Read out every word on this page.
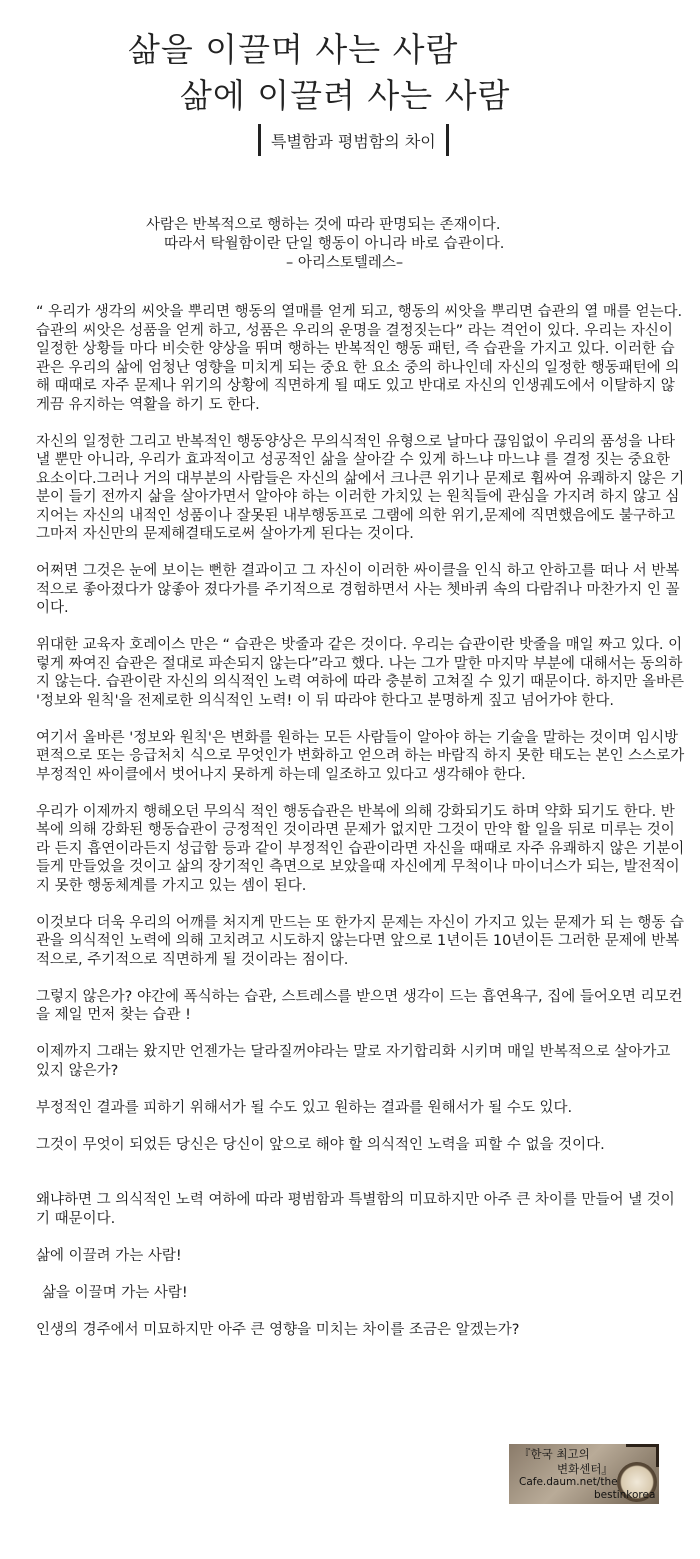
삶을 이끌며 사는 사람
삶에 이끌려 사는 사람
특별함과 평범함의 차이
사람은 반복적으로 행하는 것에 따라 판명되는 존재이다.
따라서 탁월함이란 단일 행동이 아니라 바로 습관이다.
– 아리스토텔레스–

“ 우리가 생각의 씨앗을 뿌리면 행동의 열매를 얻게 되고, 행동의 씨앗을 뿌리면 습관의 열 매를 얻는다. 습관의 씨앗은 성품을 얻게 하고, 성품은 우리의 운명을 결정짓는다” 라는 격언이 있다. 우리는 자신이 일정한 상황들 마다 비슷한 양상을 뛰며 행하는 반복적인 행동 패턴, 즉 습관을 가지고 있다. 이러한 습관은 우리의 삶에 엄청난 영향을 미치게 되는 중요 한 요소 중의 하나인데 자신의 일정한 행동패턴에 의해 때때로 자주 문제나 위기의 상황에 직면하게 될 때도 있고 반대로 자신의 인생궤도에서 이탈하지 않게끔 유지하는 역활을 하기 도 한다.

자신의 일정한 그리고 반복적인 행동양상은 무의식적인 유형으로 날마다 끊임없이 우리의 품성을 나타낼 뿐만 아니라, 우리가 효과적이고 성공적인 삶을 살아갈 수 있게 하느냐 마느냐 를 결정 짓는 중요한 요소이다.그러나 거의 대부분의 사람들은 자신의 삶에서 크나큰 위기나 문제로 휩싸여 유쾌하지 않은 기분이 들기 전까지 삶을 살아가면서 알아야 하는 이러한 가치있 는 원칙들에 관심을 가지려 하지 않고 심지어는 자신의 내적인 성품이나 잘못된 내부행동프로 그램에 의한 위기,문제에 직면했음에도 불구하고 그마저 자신만의 문제해결태도로써 살아가게 된다는 것이다.

어쩌면 그것은 눈에 보이는 뻔한 결과이고 그 자신이 이러한 싸이클을 인식 하고 안하고를 떠나 서 반복적으로 좋아졌다가 않좋아 졌다가를 주기적으로 경험하면서 사는 쳇바퀴 속의 다람쥐나 마찬가지 인 꼴이다.

위대한 교육자 호레이스 만은 “ 습관은 밧줄과 같은 것이다. 우리는 습관이란 밧줄을 매일 짜고 있다. 이렇게 짜여진 습관은 절대로 파손되지 않는다”라고 했다. 나는 그가 말한 마지막 부분에 대해서는 동의하지 않는다. 습관이란 자신의 의식적인 노력 여하에 따라 충분히 고쳐질 수 있기 때문이다. 하지만 올바른 '정보와 원칙'을 전제로한 의식적인 노력! 이 뒤 따라야 한다고 분명하게 짚고 넘어가야 한다.

여기서 올바른 '정보와 원칙'은 변화를 원하는 모든 사람들이 알아야 하는 기술을 말하는 것이며 임시방편적으로 또는 응급처치 식으로 무엇인가 변화하고 얻으려 하는 바람직 하지 못한 태도는 본인 스스로가 부정적인 싸이클에서 벗어나지 못하게 하는데 일조하고 있다고 생각해야 한다.

우리가 이제까지 행해오던 무의식 적인 행동습관은 반복에 의해 강화되기도 하며 약화 되기도 한다. 반복에 의해 강화된 행동습관이 긍정적인 것이라면 문제가 없지만 그것이 만약 할 일을 뒤로 미루는 것이라 든지 흡연이라든지 성급함 등과 같이 부정적인 습관이라면 자신을 때때로 자주 유쾌하지 않은 기분이 들게 만들었을 것이고 삶의 장기적인 측면으로 보았을때 자신에게 무척이나 마이너스가 되는, 발전적이지 못한 행동체계를 가지고 있는 셈이 된다.

이것보다 더욱 우리의 어깨를 처지게 만드는 또 한가지 문제는 자신이 가지고 있는 문제가 되 는 행동 습관을 의식적인 노력에 의해 고치려고 시도하지 않는다면 앞으로 1년이든 10년이든 그러한 문제에 반복적으로, 주기적으로 직면하게 될 것이라는 점이다.

그렇지 않은가? 야간에 폭식하는 습관, 스트레스를 받으면 생각이 드는 흡연욕구, 집에 들어오면 리모컨을 제일 먼저 찾는 습관 !

이제까지 그래는 왔지만 언젠가는 달라질꺼야라는 말로 자기합리화 시키며 매일 반복적으로 살아가고 있지 않은가?

부정적인 결과를 피하기 위해서가 될 수도 있고 원하는 결과를 원해서가 될 수도 있다.

그것이 무엇이 되었든 당신은 당신이 앞으로 해야 할 의식적인 노력을 피할 수 없을 것이다.

왜냐하면 그 의식적인 노력 여하에 따라 평범함과 특별함의 미묘하지만 아주 큰 차이를 만들어 낼 것이기 때문이다.

삶에 이끌려 가는 사람!

삶을 이끌며 가는 사람!

인생의 경주에서 미묘하지만 아주 큰 영향을 미치는 차이를 조금은 알겠는가?

『한국 최고의
변화센터』
Cafe.daum.net/the
bestinkorea
